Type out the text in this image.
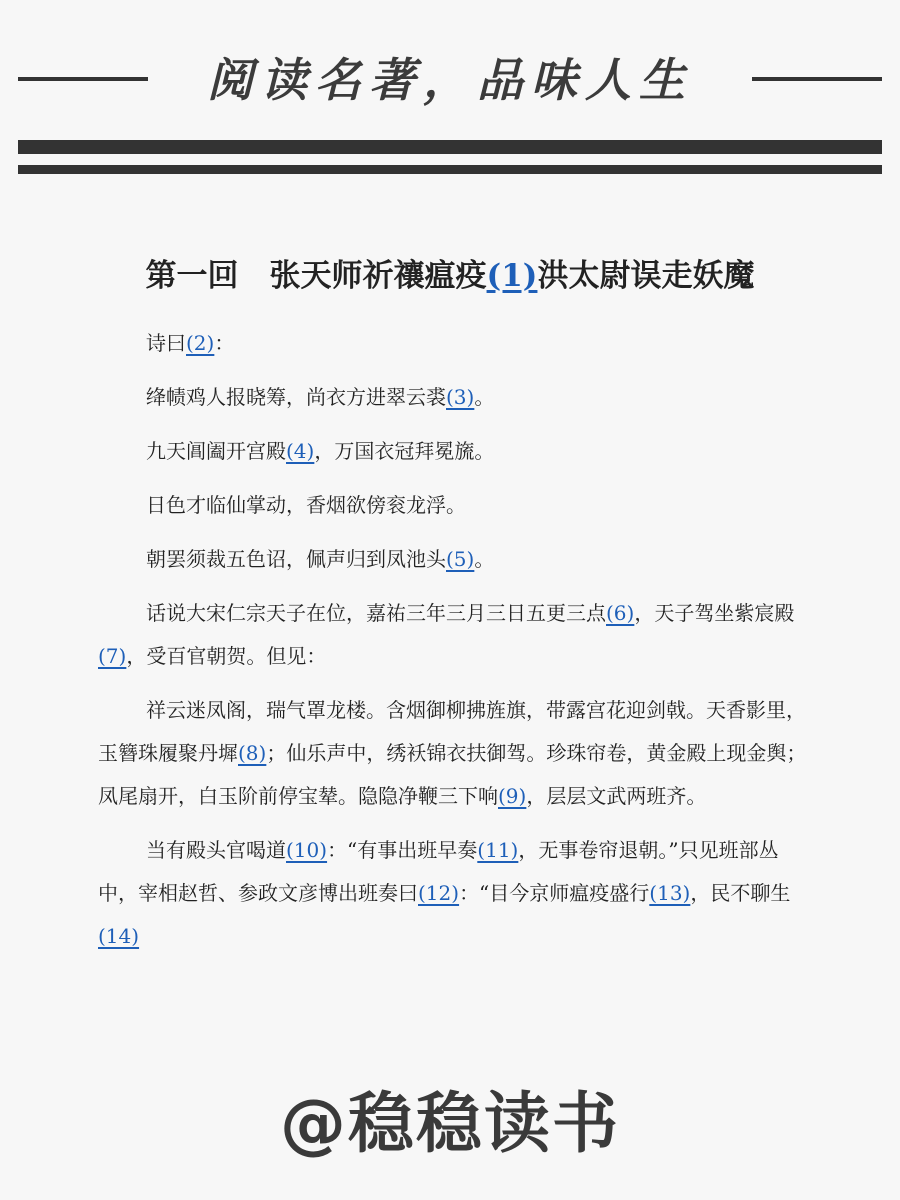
阅读名著，品味人生
第一回　张天师祈禳瘟疫(1)洪太尉误走妖魔

诗曰(2)：

绛帻鸡人报晓筹，尚衣方进翠云裘(3)。

九天阊阖开宫殿(4)，万国衣冠拜冕旒。

日色才临仙掌动，香烟欲傍衮龙浮。

朝罢须裁五色诏，佩声归到凤池头(5)。

话说大宋仁宗天子在位，嘉祐三年三月三日五更三点(6)，天子驾坐紫宸殿(7)，受百官朝贺。但见：

祥云迷凤阁，瑞气罩龙楼。含烟御柳拂旌旗，带露宫花迎剑戟。天香影里，玉簪珠履聚丹墀(8)；仙乐声中，绣袄锦衣扶御驾。珍珠帘卷，黄金殿上现金舆；凤尾扇开，白玉阶前停宝辇。隐隐净鞭三下响(9)，层层文武两班齐。

当有殿头官喝道(10)：“有事出班早奏(11)，无事卷帘退朝。”只见班部丛中，宰相赵哲、参政文彦博出班奏曰(12)：“目今京师瘟疫盛行(13)，民不聊生(14)

@稳稳读书
